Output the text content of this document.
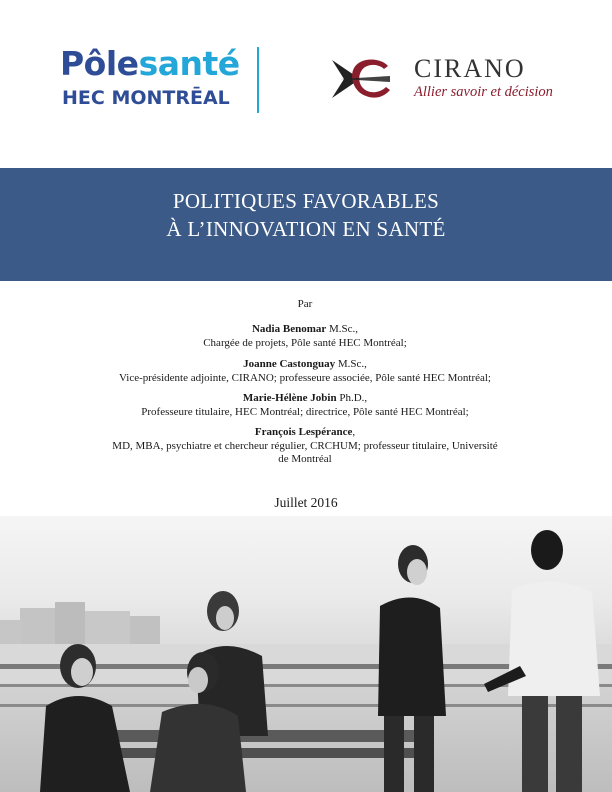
Pôlesanté
HEC MONTRĒAL
CIRANO
Allier savoir et décision
POLITIQUES FAVORABLES
À L’INNOVATION EN SANTÉ
Par
Nadia Benomar M.Sc.,
Chargée de projets, Pôle santé HEC Montréal;
Joanne Castonguay M.Sc.,
Vice-présidente adjointe, CIRANO; professeure associée, Pôle santé HEC Montréal;
Marie-Hélène Jobin Ph.D.,
Professeure titulaire, HEC Montréal; directrice, Pôle santé HEC Montréal;
François Lespérance,
MD, MBA, psychiatre et chercheur régulier, CRCHUM; professeur titulaire, Université
de Montréal
Juillet 2016
